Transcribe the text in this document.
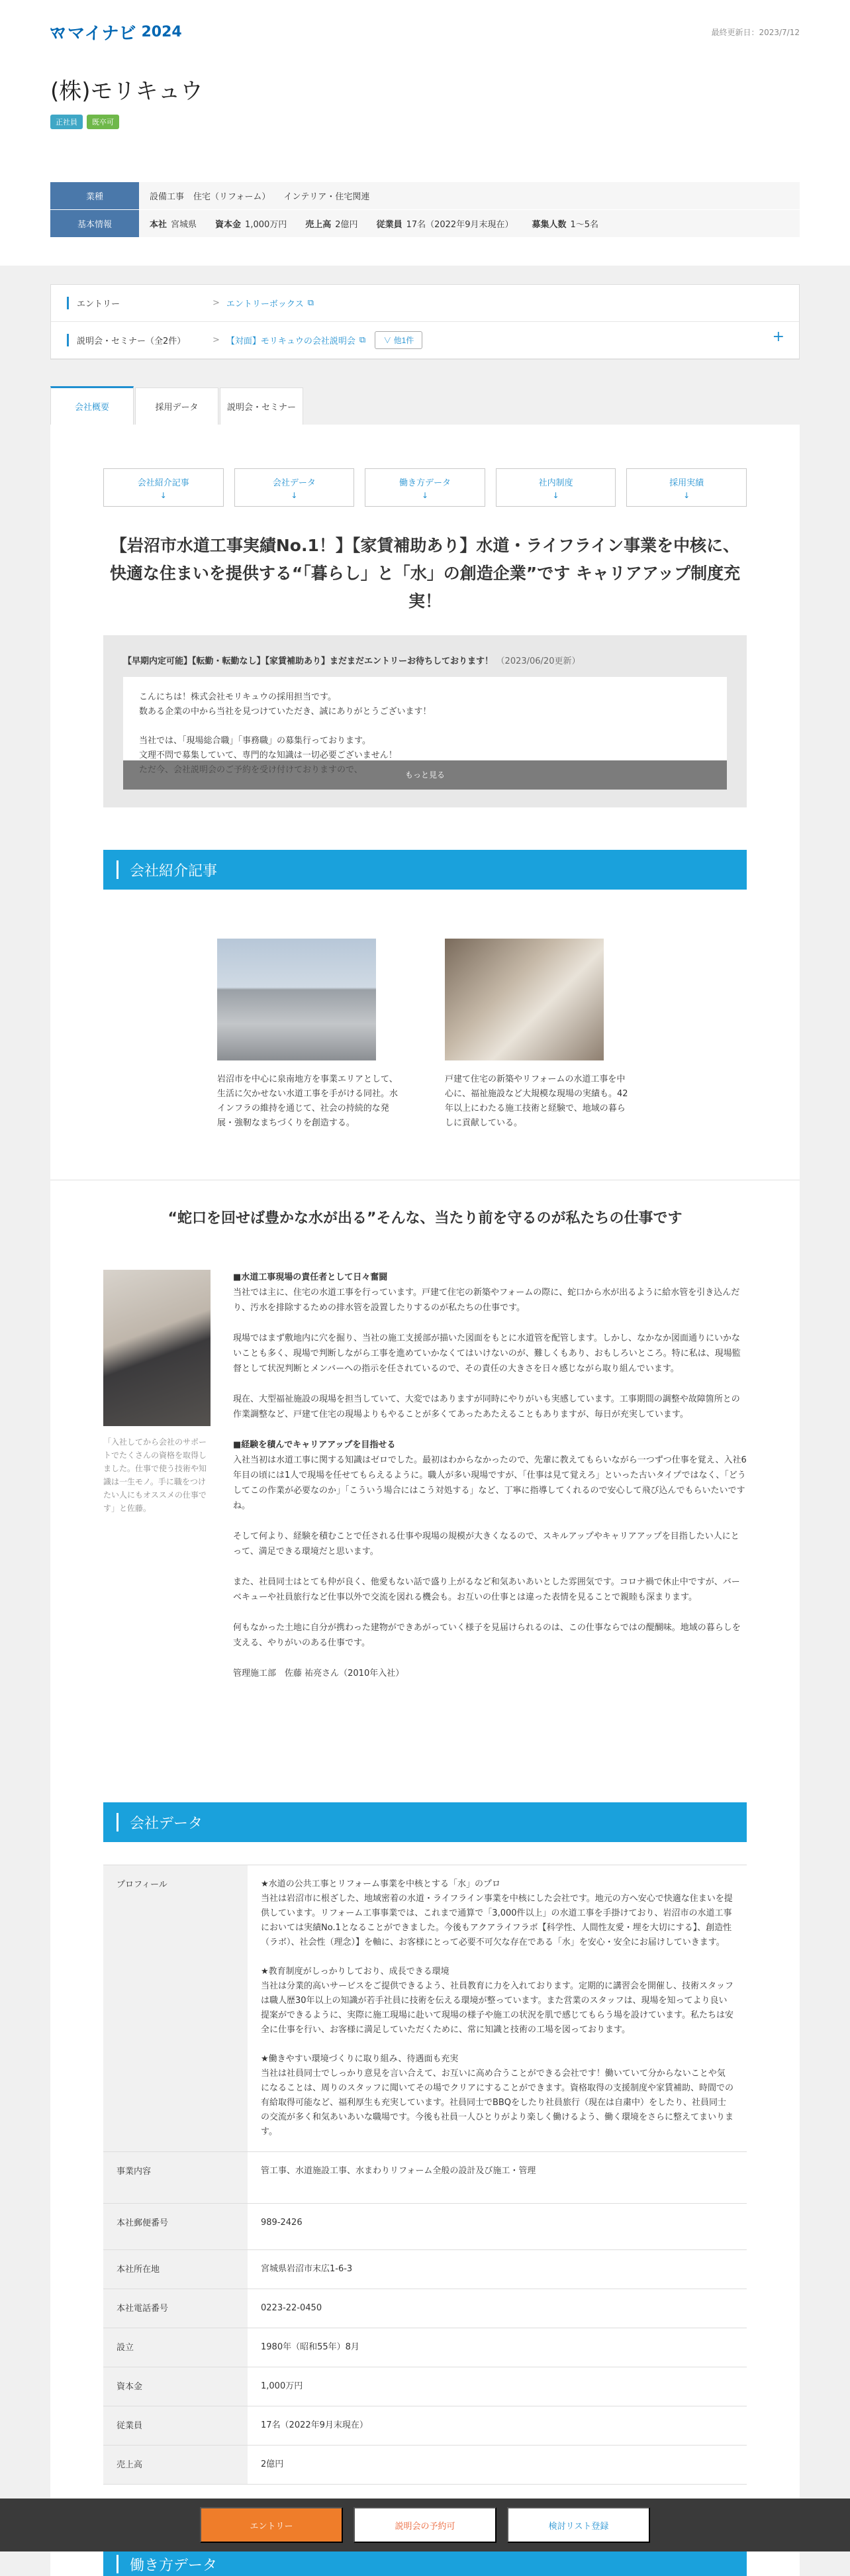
ﾏﾏ マイナビ 2024	最終更新日：2023/7/12
(株)モリキュウ
正社員	既卒可
業種	設備工事 住宅（リフォーム） インテリア・住宅関連
基本情報	本社 宮城県 資本金 1,000万円 売上高 2億円 従業員 17名（2022年9月末現在） 募集人数 1〜5名
エントリー	> エントリーボックス ⧉
説明会・セミナー（全2件）	> 【対面】モリキュウの会社説明会 ⧉	∨ 他1件	+
会社概要	採用データ	説明会・セミナー
会社紹介記事
↓
会社データ
↓
働き方データ
↓
社内制度
↓
採用実績
↓
【岩沼市水道工事実績No.1！】【家賃補助あり】水道・ライフライン事業を中核に、快適な住まいを提供する“「暮らし」と「水」の創造企業”です キャリアアップ制度充実！
【早期内定可能】【転勤・転勤なし】【家賃補助あり】まだまだエントリーお待ちしております！ （2023/06/20更新）
こんにちは！株式会社モリキュウの採用担当です。
数ある企業の中から当社を見つけていただき、誠にありがとうございます！
当社では、「現場総合職」「事務職」の募集行っております。
文理不問で募集していて、専門的な知識は一切必要ございません！
もっと見る
会社紹介記事

岩沼市を中心に泉南地方を事業エリアとして、生活に欠かせない水道工事を手がける同社。水インフラの維持を通じて、社会の持続的な発展・強靭なまちづくりを創造する。

戸建て住宅の新築やリフォームの水道工事を中心に、福祉施設など大規模な現場の実績も。42年以上にわたる施工技術と経験で、地域の暮らしに貢献している。

“蛇口を回せば豊かな水が出る”そんな、当たり前を守るのが私たちの仕事です

「入社してから会社のサポートでたくさんの資格を取得しました。仕事で使う技術や知識は一生モノ。手に職をつけたい人にもオススメの仕事です」と佐藤。

■水道工事現場の責任者として日々奮闘

当社では主に、住宅の水道工事を行っています。戸建て住宅の新築やフォームの際に、蛇口から水が出るように給水管を引き込んだり、汚水を排除するための排水管を設置したりするのが私たちの仕事です。

現場ではまず敷地内に穴を掘り、当社の施工支援部が描いた図面をもとに水道管を配管します。しかし、なかなか図面通りにいかないことも多く、現場で判断しながら工事を進めていかなくてはいけないのが、難しくもあり、おもしろいところ。特に私は、現場監督として状況判断とメンバーへの指示を任されているので、その責任の大きさを日々感じながら取り組んでいます。

現在、大型福祉施設の現場を担当していて、大変ではありますが同時にやりがいも実感しています。工事期間の調整や故障箇所との作業調整など、戸建て住宅の現場よりもやることが多くてあったあたえることもありますが、毎日が充実しています。

■経験を積んでキャリアアップを目指せる

入社当初は水道工事に関する知識はゼロでした。最初はわからなかったので、先輩に教えてもらいながら一つずつ仕事を覚え、入社6年目の頃には1人で現場を任せてもらえるように。職人が多い現場ですが、「仕事は見て覚えろ」といった古いタイプではなく、「どうしてこの作業が必要なのか」「こういう場合にはこう対処する」など、丁寧に指導してくれるので安心して飛び込んでもらいたいですね。

そして何より、経験を積むことで任される仕事や現場の規模が大きくなるので、スキルアップやキャリアアップを目指したい人にとって、満足できる環境だと思います。

また、社員同士はとても仲が良く、他愛もない話で盛り上がるなど和気あいあいとした雰囲気です。コロナ禍で休止中ですが、バーベキューや社員旅行など仕事以外で交流を図れる機会も。お互いの仕事とは違った表情を見ることで親睦も深まります。

何もなかった土地に自分が携わった建物ができあがっていく様子を見届けられるのは、この仕事ならではの醍醐味。地域の暮らしを支える、やりがいのある仕事です。

管理施工部　佐藤 祐亮さん（2010年入社）

会社データ
プロフィール	★水道の公共工事とリフォーム事業を中核とする「水」のプロ
当社は岩沼市に根ざした、地域密着の水道・ライフライン事業を中核にした会社です。地元の方へ安心で快適な住まいを提供しています。リフォーム工事事業では、これまで通算で「3,000件以上」の水道工事を手掛けており、岩沼市の水道工事においては実績No.1となることができました。今後もアクアライフラボ【科学性、人間性友愛・埋を大切にする】、創造性（ラボ）、社会性（理念）】を軸に、お客様にとって必要不可欠な存在である「水」を安心・安全にお届けしていきます。

★教育制度がしっかりしており、成長できる環境
当社は分業的高いサービスをご提供できるよう、社員教育に力を入れております。定期的に講習会を開催し、技術スタッフは職人歴30年以上の知識が若手社員に技術を伝える環境が整っています。また営業のスタッフは、現場を知ってより良い提案ができるように、実際に施工現場に赴いて現場の様子や施工の状況を肌で感じてもらう場を設けています。私たちは安全に仕事を行い、お客様に満足していただくために、常に知識と技術の工場を図っております。

★働きやすい環境づくりに取り組み、待遇面も充実
当社は社員同士でしっかり意見を言い合えて、お互いに高め合うことができる会社です！働いていて分からないことや気になることは、周りのスタッフに聞いてその場でクリアにすることができます。資格取得の支援制度や家賃補助、時間での有給取得可能など、福利厚生も充実しています。社員同士でBBQをしたり社員旅行（現在は自粛中）をしたり、社員同士の交流が多く和気あいあいな職場です。今後も社員一人ひとりがより楽しく働けるよう、働く環境をさらに整えてまいります。

事業内容	管工事、水道施設工事、水まわりリフォーム全般の設計及び施工・管理
本社郵便番号	989-2426
本社所在地	宮城県岩沼市末広1-6-3
本社電話番号	0223-22-0450
設立	1980年（昭和55年）8月
資本金	1,000万円
従業員	17名（2022年9月末現在）
売上高	2億円
働き方データ
エントリー	説明会の予約可	検討リスト登録
